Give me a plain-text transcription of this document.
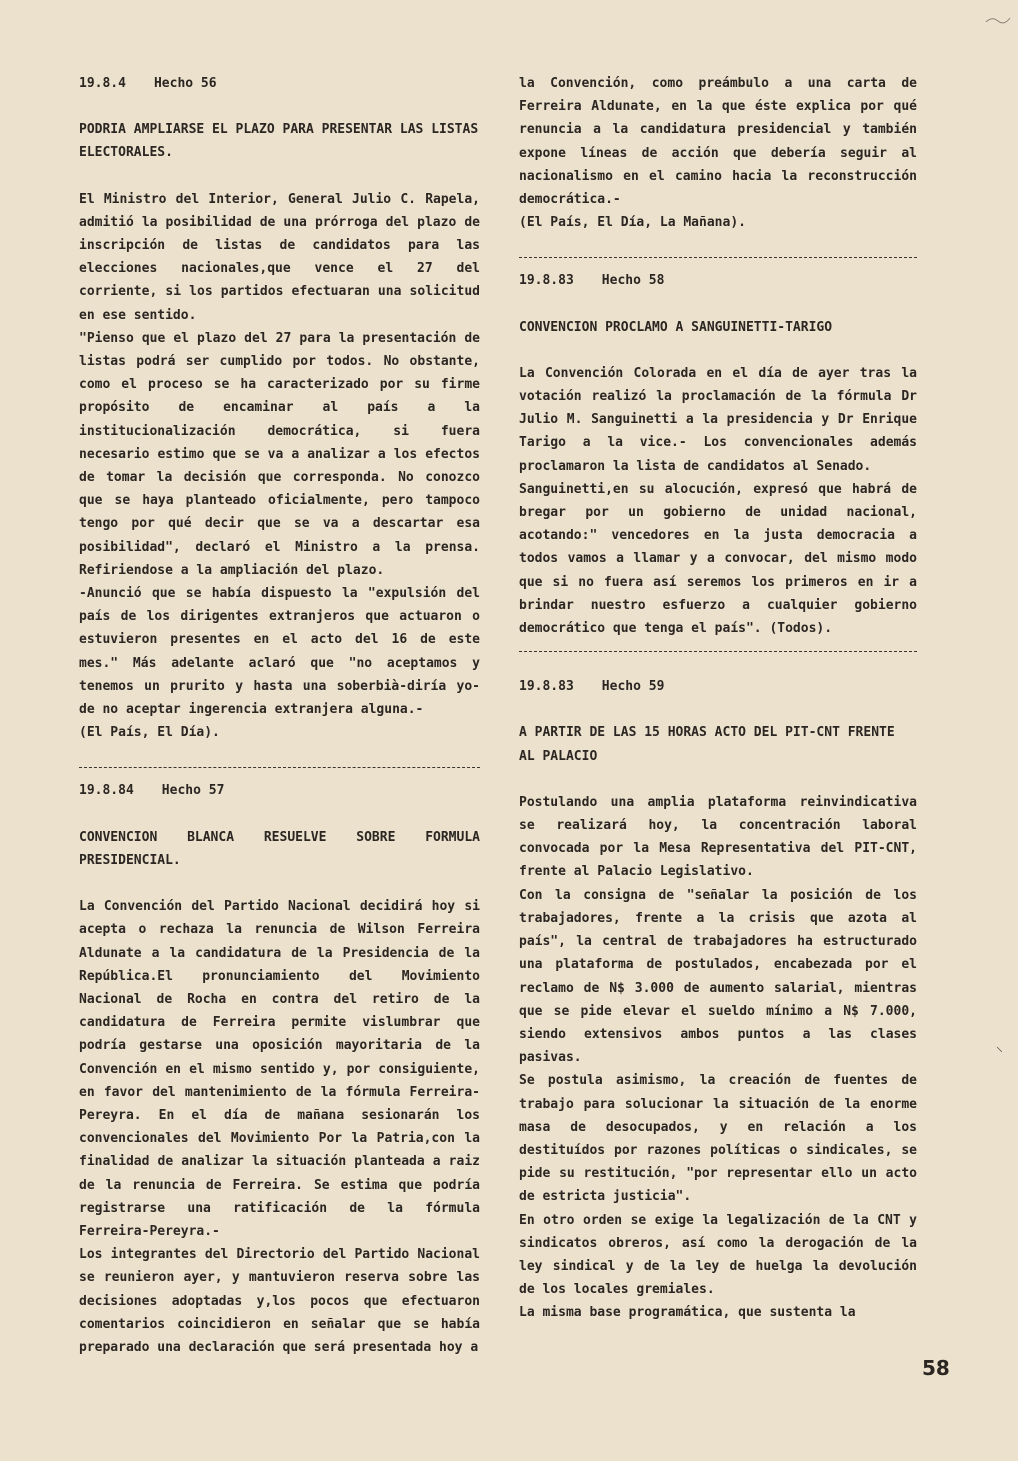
19.8.4 Hecho 56

PODRIA AMPLIARSE EL PLAZO PARA PRESENTAR LAS LISTAS ELECTORALES.

El Ministro del Interior, General Julio C. Rapela, admitió la posibilidad de una prórroga del plazo de inscripción de listas de candidatos para las elecciones nacionales,que vence el 27 del corriente, si los partidos efectuaran una solicitud en ese sentido.

"Pienso que el plazo del 27 para la presentación de listas podrá ser cumplido por todos. No obstante, como el proceso se ha caracterizado por su firme propósito de encaminar al país a la institucionalización democrática, si fuera necesario estimo que se va a analizar a los efectos de tomar la decisión que corresponda. No conozco que se haya planteado oficialmente, pero tampoco tengo por qué decir que se va a descartar esa posibilidad", declaró el Ministro a la prensa. Refiriendose a la ampliación del plazo.

-Anunció que se había dispuesto la "expulsión del país de los dirigentes extranjeros que actuaron o estuvieron presentes en el acto del 16 de este mes." Más adelante aclaró que "no aceptamos y tenemos un prurito y hasta una soberbià-diría yo- de no aceptar ingerencia extranjera alguna.-

(El País, El Día).

19.8.84 Hecho 57

CONVENCION BLANCA RESUELVE SOBRE FORMULA PRESIDENCIAL.

La Convención del Partido Nacional decidirá hoy si acepta o rechaza la renuncia de Wilson Ferreira Aldunate a la candidatura de la Presidencia de la República.El pronunciamiento del Movimiento Nacional de Rocha en contra del retiro de la candidatura de Ferreira permite vislumbrar que podría gestarse una oposición mayoritaria de la Convención en el mismo sentido y, por consiguiente, en favor del mantenimiento de la fórmula Ferreira-Pereyra. En el día de mañana sesionarán los convencionales del Movimiento Por la Patria,con la finalidad de analizar la situación planteada a raiz de la renuncia de Ferreira. Se estima que podría registrarse una ratificación de la fórmula Ferreira-Pereyra.-

Los integrantes del Directorio del Partido Nacional se reunieron ayer, y mantuvieron reserva sobre las decisiones adoptadas y,los pocos que efectuaron comentarios coincidieron en señalar que se había preparado una declaración que será presentada hoy a

la Convención, como preámbulo a una carta de Ferreira Aldunate, en la que éste explica por qué renuncia a la candidatura presidencial y también expone líneas de acción que debería seguir al nacionalismo en el camino hacia la reconstrucción democrática.-

(El País, El Día, La Mañana).

19.8.83 Hecho 58

CONVENCION PROCLAMO A SANGUINETTI-TARIGO

La Convención Colorada en el día de ayer tras la votación realizó la proclamación de la fórmula Dr Julio M. Sanguinetti a la presidencia y Dr Enrique Tarigo a la vice.- Los convencionales además proclamaron la lista de candidatos al Senado.

Sanguinetti,en su alocución, expresó que habrá de bregar por un gobierno de unidad nacional, acotando:" vencedores en la justa democracia a todos vamos a llamar y a convocar, del mismo modo que si no fuera así seremos los primeros en ir a brindar nuestro esfuerzo a cualquier gobierno democrático que tenga el país". (Todos).

19.8.83 Hecho 59

A PARTIR DE LAS 15 HORAS ACTO DEL PIT-CNT FRENTE AL PALACIO

Postulando una amplia plataforma reinvindicativa se realizará hoy, la concentración laboral convocada por la Mesa Representativa del PIT-CNT, frente al Palacio Legislativo.

Con la consigna de "señalar la posición de los trabajadores, frente a la crisis que azota al país", la central de trabajadores ha estructurado una plataforma de postulados, encabezada por el reclamo de N$ 3.000 de aumento salarial, mientras que se pide elevar el sueldo mínimo a N$ 7.000, siendo extensivos ambos puntos a las clases pasivas.

Se postula asimismo, la creación de fuentes de trabajo para solucionar la situación de la enorme masa de desocupados, y en relación a los destituídos por razones políticas o sindicales, se pide su restitución, "por representar ello un acto de estricta justicia".

En otro orden se exige la legalización de la CNT y sindicatos obreros, así como la derogación de la ley sindical y de la ley de huelga la devolución de los locales gremiales.

La misma base programática, que sustenta la

⸜
58
